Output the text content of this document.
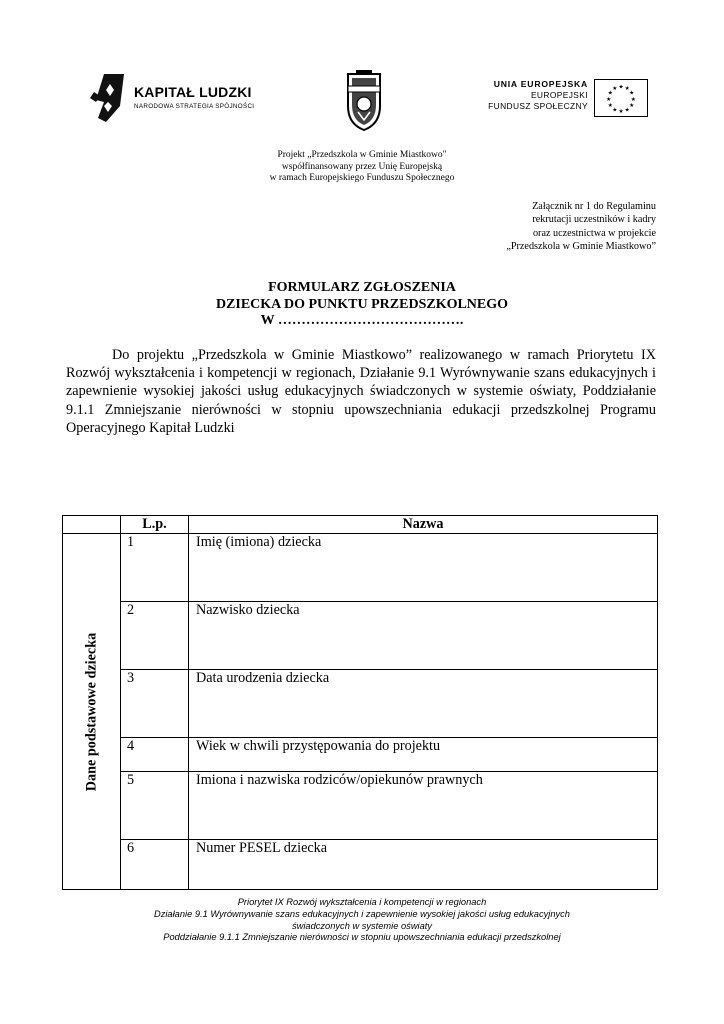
KAPITAŁ LUDZKI
NARODOWA STRATEGIA SPÓJNOŚCI
UNIA EUROPEJSKA
EUROPEJSKI
FUNDUSZ SPOŁECZNY
★ ★
★
★
★
★
★
★
★
★
★
★
Projekt „Przedszkola w Gminie Miastkowo"
współfinansowany przez Unię Europejską
w ramach Europejskiego Funduszu Społecznego
Załącznik nr 1 do Regulaminu
rekrutacji uczestników i kadry
oraz uczestnictwa w projekcie
„Przedszkola w Gminie Miastkowo”
FORMULARZ ZGŁOSZENIA
DZIECKA DO PUNKTU PRZEDSZKOLNEGO
W ………………………………….
Do projektu „Przedszkola w Gminie Miastkowo” realizowanego w ramach Priorytetu IX Rozwój wykształcenia i kompetencji w regionach, Działanie 9.1 Wyrównywanie szans edukacyjnych i zapewnienie wysokiej jakości usług edukacyjnych świadczonych w systemie oświaty, Poddziałanie 9.1.1 Zmniejszanie nierówności w stopniu upowszechniania edukacji przedszkolnej Programu Operacyjnego Kapitał Ludzki
	L.p.	Nazwa

Dane podstawowe dziecka	1	Imię (imiona) dziecka
	2	Nazwisko dziecka
	3	Data urodzenia dziecka
	4	Wiek w chwili przystępowania do projektu
	5	Imiona i nazwiska rodziców/opiekunów prawnych
	6	Numer PESEL dziecka
Priorytet IX Rozwój wykształcenia i kompetencji w regionach
Działanie 9.1 Wyrównywanie szans edukacyjnych i zapewnienie wysokiej jakości usług edukacyjnych
świadczonych w systemie oświaty
Poddziałanie 9.1.1 Zmniejszanie nierówności w stopniu upowszechniania edukacji przedszkolnej
